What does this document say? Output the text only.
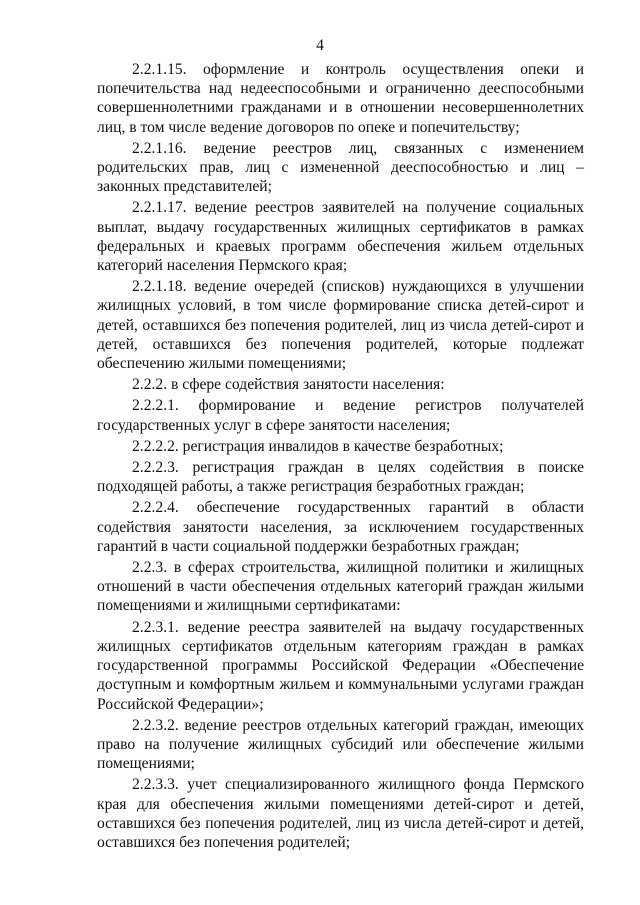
4

2.2.1.15. оформление и контроль осуществления опеки и попечительства над недееспособными и ограниченно дееспособными совершеннолетними гражданами и в отношении несовершеннолетних лиц, в том числе ведение договоров по опеке и попечительству;

2.2.1.16. ведение реестров лиц, связанных с изменением родительских прав, лиц с измененной дееспособностью и лиц – законных представителей;

2.2.1.17. ведение реестров заявителей на получение социальных выплат, выдачу государственных жилищных сертификатов в рамках федеральных и краевых программ обеспечения жильем отдельных категорий населения Пермского края;

2.2.1.18. ведение очередей (списков) нуждающихся в улучшении жилищных условий, в том числе формирование списка детей-сирот и детей, оставшихся без попечения родителей, лиц из числа детей-сирот и детей, оставшихся без попечения родителей, которые подлежат обеспечению жилыми помещениями;

2.2.2. в сфере содействия занятости населения:

2.2.2.1. формирование и ведение регистров получателей государственных услуг в сфере занятости населения;

2.2.2.2. регистрация инвалидов в качестве безработных;

2.2.2.3. регистрация граждан в целях содействия в поиске подходящей работы, а также регистрация безработных граждан;

2.2.2.4. обеспечение государственных гарантий в области содействия занятости населения, за исключением государственных гарантий в части социальной поддержки безработных граждан;

2.2.3. в сферах строительства, жилищной политики и жилищных отношений в части обеспечения отдельных категорий граждан жилыми помещениями и жилищными сертификатами:

2.2.3.1. ведение реестра заявителей на выдачу государственных жилищных сертификатов отдельным категориям граждан в рамках государственной программы Российской Федерации «Обеспечение доступным и комфортным жильем и коммунальными услугами граждан Российской Федерации»;

2.2.3.2. ведение реестров отдельных категорий граждан, имеющих право на получение жилищных субсидий или обеспечение жилыми помещениями;

2.2.3.3. учет специализированного жилищного фонда Пермского края для обеспечения жилыми помещениями детей-сирот и детей, оставшихся без попечения родителей, лиц из числа детей-сирот и детей, оставшихся без попечения родителей;
